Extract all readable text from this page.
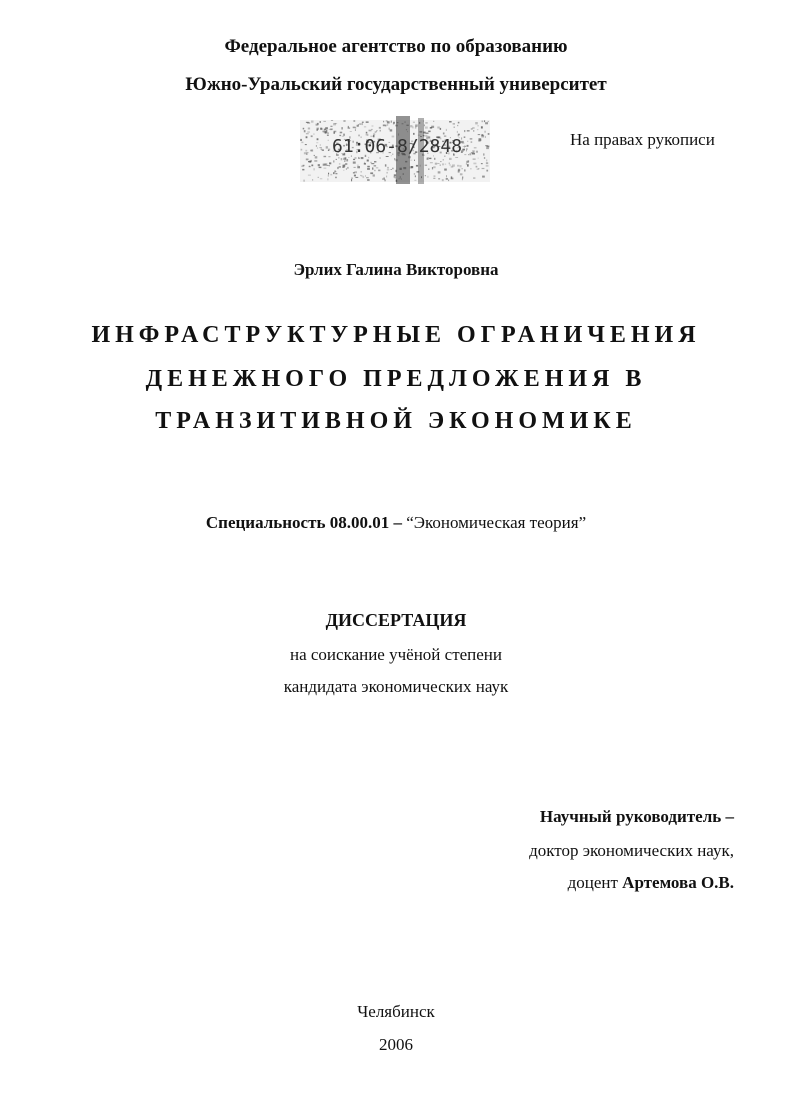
Федеральное агентство по образованию
Южно-Уральский государственный университет
61:06-8/2848	На правах рукописи
Эрлих Галина Викторовна
ИНФРАСТРУКТУРНЫЕ ОГРАНИЧЕНИЯ
ДЕНЕЖНОГО ПРЕДЛОЖЕНИЯ В
ТРАНЗИТИВНОЙ ЭКОНОМИКЕ
Специальность 08.00.01 – “Экономическая теория”
ДИССЕРТАЦИЯ
на соискание учёной степени
кандидата экономических наук
Научный руководитель –
доктор экономических наук,
доцент Артемова О.В.
Челябинск
2006
